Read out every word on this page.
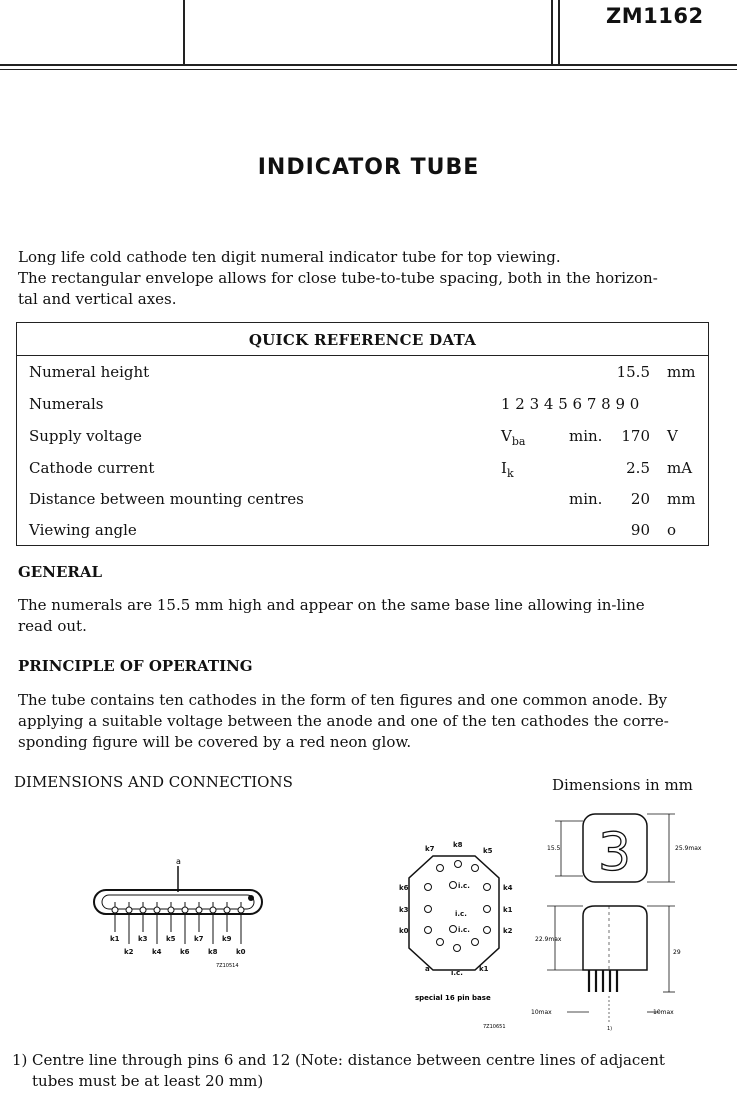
ZM1162
INDICATOR TUBE
Long life cold cathode ten digit numeral indicator tube for top viewing.
The rectangular envelope allows for close tube-to-tube spacing, both in the horizon-
tal and vertical axes.
QUICK REFERENCE DATA
Numeral height	15.5 mm
Numerals	1 2 3 4 5 6 7 8 9 0
Supply voltage	$V_{ba}$	min. 170 V
Cathode current	$I_k$	2.5 mA
Distance between mounting centres	min. 20 mm
Viewing angle	90 o
GENERAL
The numerals are 15.5 mm high and appear on the same base line allowing in-line
read out.
PRINCIPLE OF OPERATING
The tube contains ten cathodes in the form of ten figures and one common anode. By
applying a suitable voltage between the anode and one of the ten cathodes the corre-
sponding figure will be covered by a red neon glow.
DIMENSIONS AND CONNECTIONS	Dimensions in mm
a
k1	k3	k5	k7	k9
k2	k4	k6	k8	k0
7Z10514
k7	k8
k5
k6
k3
k0
k4
k1
k2
i.c.
i.c.
i.c.
a	i.c. k1
special 16 pin base
7Z10651
3
15.5	25.9max
22.9max
29
10max	10max
1)
1) Centre line through pins 6 and 12 (Note: distance between centre lines of adjacent
tubes must be at least 20 mm)
